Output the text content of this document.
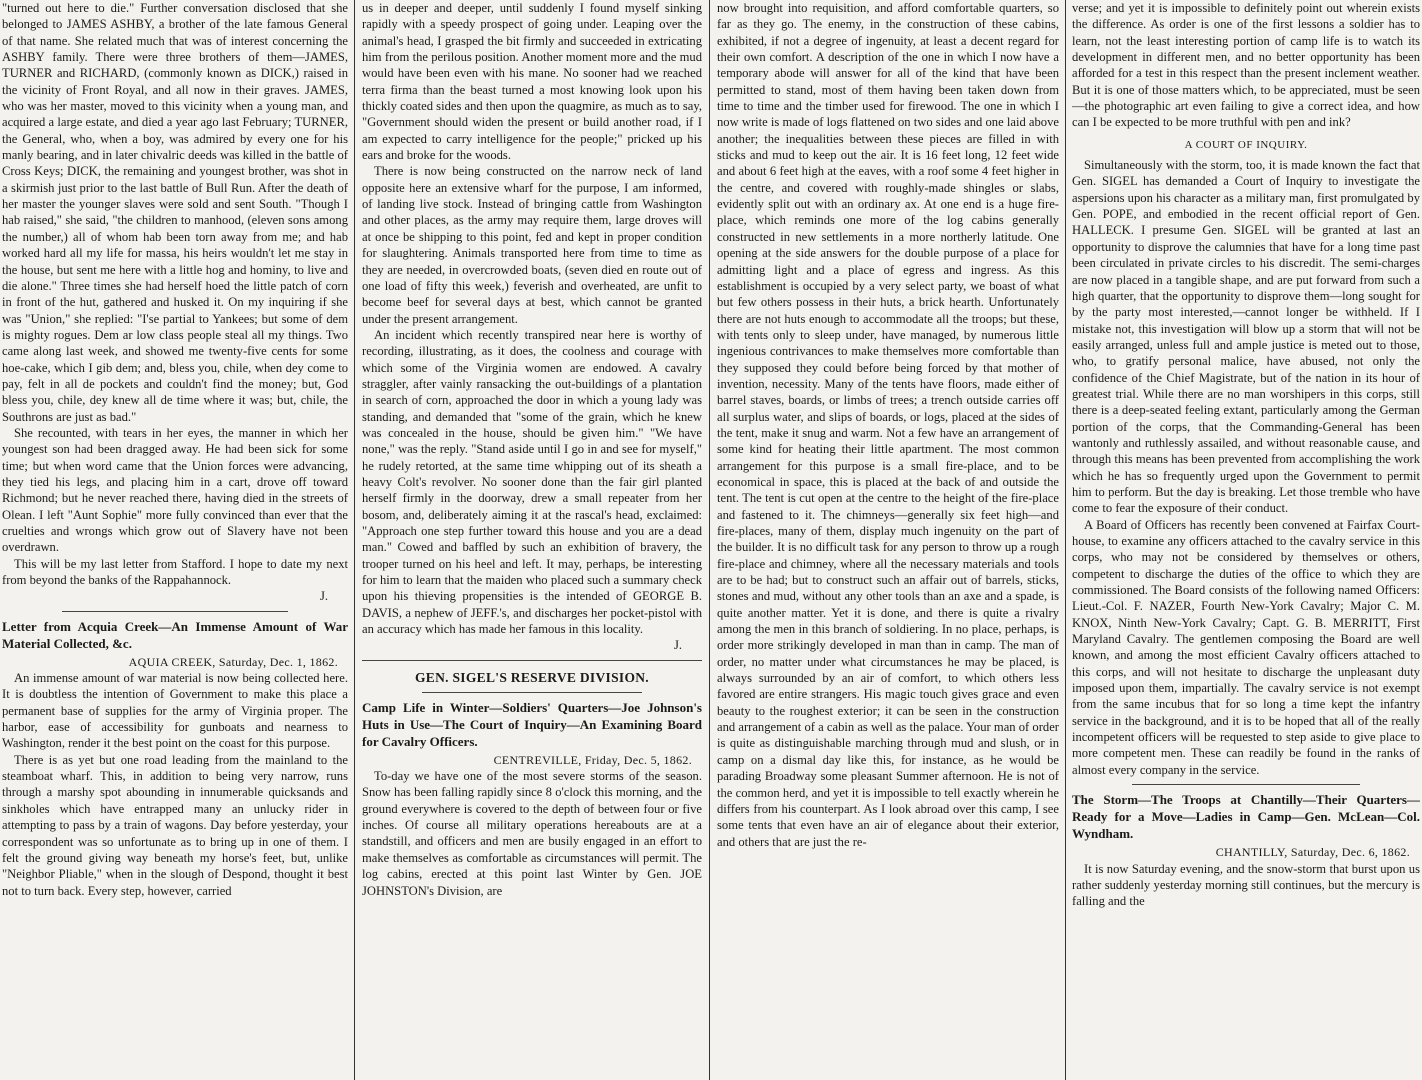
"turned out here to die." Further conversation disclosed that she belonged to JAMES ASHBY, a brother of the late famous General of that name. She related much that was of interest concerning the ASHBY family. There were three brothers of them—JAMES, TURNER and RICHARD, (commonly known as DICK,) raised in the vicinity of Front Royal, and all now in their graves. JAMES, who was her master, moved to this vicinity when a young man, and acquired a large estate, and died a year ago last February; TURNER, the General, who, when a boy, was admired by every one for his manly bearing, and in later chivalric deeds was killed in the battle of Cross Keys; DICK, the remaining and youngest brother, was shot in a skirmish just prior to the last battle of Bull Run. After the death of her master the younger slaves were sold and sent South. "Though I hab raised," she said, "the children to manhood, (eleven sons among the number,) all of whom hab been torn away from me; and hab worked hard all my life for massa, his heirs wouldn't let me stay in the house, but sent me here with a little hog and hominy, to live and die alone." Three times she had herself hoed the little patch of corn in front of the hut, gathered and husked it. On my inquiring if she was "Union," she replied: "I'se partial to Yankees; but some of dem is mighty rogues. Dem ar low class people steal all my things. Two came along last week, and showed me twenty-five cents for some hoe-cake, which I gib dem; and, bless you, chile, when dey come to pay, felt in all de pockets and couldn't find the money; but, God bless you, chile, dey knew all de time where it was; but, chile, the Southrons are just as bad."

She recounted, with tears in her eyes, the manner in which her youngest son had been dragged away. He had been sick for some time; but when word came that the Union forces were advancing, they tied his legs, and placing him in a cart, drove off toward Richmond; but he never reached there, having died in the streets of Olean. I left "Aunt Sophie" more fully convinced than ever that the cruelties and wrongs which grow out of Slavery have not been overdrawn.

This will be my last letter from Stafford. I hope to date my next from beyond the banks of the Rappahannock.

J.

Letter from Acquia Creek—An Immense Amount of War Material Collected, &c.

AQUIA CREEK, Saturday, Dec. 1, 1862.

An immense amount of war material is now being collected here. It is doubtless the intention of Government to make this place a permanent base of supplies for the army of Virginia proper. The harbor, ease of accessibility for gunboats and nearness to Washington, render it the best point on the coast for this purpose.

There is as yet but one road leading from the mainland to the steamboat wharf. This, in addition to being very narrow, runs through a marshy spot abounding in innumerable quicksands and sinkholes which have entrapped many an unlucky rider in attempting to pass by a train of wagons. Day before yesterday, your correspondent was so unfortunate as to bring up in one of them. I felt the ground giving way beneath my horse's feet, but, unlike "Neighbor Pliable," when in the slough of Despond, thought it best not to turn back. Every step, however, carried

us in deeper and deeper, until suddenly I found myself sinking rapidly with a speedy prospect of going under. Leaping over the animal's head, I grasped the bit firmly and succeeded in extricating him from the perilous position. Another moment more and the mud would have been even with his mane. No sooner had we reached terra firma than the beast turned a most knowing look upon his thickly coated sides and then upon the quagmire, as much as to say, "Government should widen the present or build another road, if I am expected to carry intelligence for the people;" pricked up his ears and broke for the woods.

There is now being constructed on the narrow neck of land opposite here an extensive wharf for the purpose, I am informed, of landing live stock. Instead of bringing cattle from Washington and other places, as the army may require them, large droves will at once be shipping to this point, fed and kept in proper condition for slaughtering. Animals transported here from time to time as they are needed, in overcrowded boats, (seven died en route out of one load of fifty this week,) feverish and overheated, are unfit to become beef for several days at best, which cannot be granted under the present arrangement.

An incident which recently transpired near here is worthy of recording, illustrating, as it does, the coolness and courage with which some of the Virginia women are endowed. A cavalry straggler, after vainly ransacking the out-buildings of a plantation in search of corn, approached the door in which a young lady was standing, and demanded that "some of the grain, which he knew was concealed in the house, should be given him." "We have none," was the reply. "Stand aside until I go in and see for myself," he rudely retorted, at the same time whipping out of its sheath a heavy Colt's revolver. No sooner done than the fair girl planted herself firmly in the doorway, drew a small repeater from her bosom, and, deliberately aiming it at the rascal's head, exclaimed: "Approach one step further toward this house and you are a dead man." Cowed and baffled by such an exhibition of bravery, the trooper turned on his heel and left. It may, perhaps, be interesting for him to learn that the maiden who placed such a summary check upon his thieving propensities is the intended of GEORGE B. DAVIS, a nephew of JEFF.'s, and discharges her pocket-pistol with an accuracy which has made her famous in this locality.

J.

GEN. SIGEL'S RESERVE DIVISION.

Camp Life in Winter—Soldiers' Quarters—Joe Johnson's Huts in Use—The Court of Inquiry—An Examining Board for Cavalry Officers.

CENTREVILLE, Friday, Dec. 5, 1862.

To-day we have one of the most severe storms of the season. Snow has been falling rapidly since 8 o'clock this morning, and the ground everywhere is covered to the depth of between four or five inches. Of course all military operations hereabouts are at a standstill, and officers and men are busily engaged in an effort to make themselves as comfortable as circumstances will permit. The log cabins, erected at this point last Winter by Gen. JOE JOHNSTON's Division, are

now brought into requisition, and afford comfortable quarters, so far as they go. The enemy, in the construction of these cabins, exhibited, if not a degree of ingenuity, at least a decent regard for their own comfort. A description of the one in which I now have a temporary abode will answer for all of the kind that have been permitted to stand, most of them having been taken down from time to time and the timber used for firewood. The one in which I now write is made of logs flattened on two sides and one laid above another; the inequalities between these pieces are filled in with sticks and mud to keep out the air. It is 16 feet long, 12 feet wide and about 6 feet high at the eaves, with a roof some 4 feet higher in the centre, and covered with roughly-made shingles or slabs, evidently split out with an ordinary ax. At one end is a huge fire-place, which reminds one more of the log cabins generally constructed in new settlements in a more northerly latitude. One opening at the side answers for the double purpose of a place for admitting light and a place of egress and ingress. As this establishment is occupied by a very select party, we boast of what but few others possess in their huts, a brick hearth. Unfortunately there are not huts enough to accommodate all the troops; but these, with tents only to sleep under, have managed, by numerous little ingenious contrivances to make themselves more comfortable than they supposed they could before being forced by that mother of invention, necessity. Many of the tents have floors, made either of barrel staves, boards, or limbs of trees; a trench outside carries off all surplus water, and slips of boards, or logs, placed at the sides of the tent, make it snug and warm. Not a few have an arrangement of some kind for heating their little apartment. The most common arrangement for this purpose is a small fire-place, and to be economical in space, this is placed at the back of and outside the tent. The tent is cut open at the centre to the height of the fire-place and fastened to it. The chimneys—generally six feet high—and fire-places, many of them, display much ingenuity on the part of the builder. It is no difficult task for any person to throw up a rough fire-place and chimney, where all the necessary materials and tools are to be had; but to construct such an affair out of barrels, sticks, stones and mud, without any other tools than an axe and a spade, is quite another matter. Yet it is done, and there is quite a rivalry among the men in this branch of soldiering. In no place, perhaps, is order more strikingly developed in man than in camp. The man of order, no matter under what circumstances he may be placed, is always surrounded by an air of comfort, to which others less favored are entire strangers. His magic touch gives grace and even beauty to the roughest exterior; it can be seen in the construction and arrangement of a cabin as well as the palace. Your man of order is quite as distinguishable marching through mud and slush, or in camp on a dismal day like this, for instance, as he would be parading Broadway some pleasant Summer afternoon. He is not of the common herd, and yet it is impossible to tell exactly wherein he differs from his counterpart. As I look abroad over this camp, I see some tents that even have an air of elegance about their exterior, and others that are just the re-

verse; and yet it is impossible to definitely point out wherein exists the difference. As order is one of the first lessons a soldier has to learn, not the least interesting portion of camp life is to watch its development in different men, and no better opportunity has been afforded for a test in this respect than the present inclement weather. But it is one of those matters which, to be appreciated, must be seen—the photographic art even failing to give a correct idea, and how can I be expected to be more truthful with pen and ink?

A COURT OF INQUIRY.

Simultaneously with the storm, too, it is made known the fact that Gen. SIGEL has demanded a Court of Inquiry to investigate the aspersions upon his character as a military man, first promulgated by Gen. POPE, and embodied in the recent official report of Gen. HALLECK. I presume Gen. SIGEL will be granted at last an opportunity to disprove the calumnies that have for a long time past been circulated in private circles to his discredit. The semi-charges are now placed in a tangible shape, and are put forward from such a high quarter, that the opportunity to disprove them—long sought for by the party most interested,—cannot longer be withheld. If I mistake not, this investigation will blow up a storm that will not be easily arranged, unless full and ample justice is meted out to those, who, to gratify personal malice, have abused, not only the confidence of the Chief Magistrate, but of the nation in its hour of greatest trial. While there are no man worshipers in this corps, still there is a deep-seated feeling extant, particularly among the German portion of the corps, that the Commanding-General has been wantonly and ruthlessly assailed, and without reasonable cause, and through this means has been prevented from accomplishing the work which he has so frequently urged upon the Government to permit him to perform. But the day is breaking. Let those tremble who have come to fear the exposure of their conduct.

A Board of Officers has recently been convened at Fairfax Court-house, to examine any officers attached to the cavalry service in this corps, who may not be considered by themselves or others, competent to discharge the duties of the office to which they are commissioned. The Board consists of the following named Officers: Lieut.-Col. F. NAZER, Fourth New-York Cavalry; Major C. M. KNOX, Ninth New-York Cavalry; Capt. G. B. MERRITT, First Maryland Cavalry. The gentlemen composing the Board are well known, and among the most efficient Cavalry officers attached to this corps, and will not hesitate to discharge the unpleasant duty imposed upon them, impartially. The cavalry service is not exempt from the same incubus that for so long a time kept the infantry service in the background, and it is to be hoped that all of the really incompetent officers will be requested to step aside to give place to more competent men. These can readily be found in the ranks of almost every company in the service.

The Storm—The Troops at Chantilly—Their Quarters—Ready for a Move—Ladies in Camp—Gen. McLean—Col. Wyndham.

CHANTILLY, Saturday, Dec. 6, 1862.

It is now Saturday evening, and the snow-storm that burst upon us rather suddenly yesterday morning still continues, but the mercury is falling and the
